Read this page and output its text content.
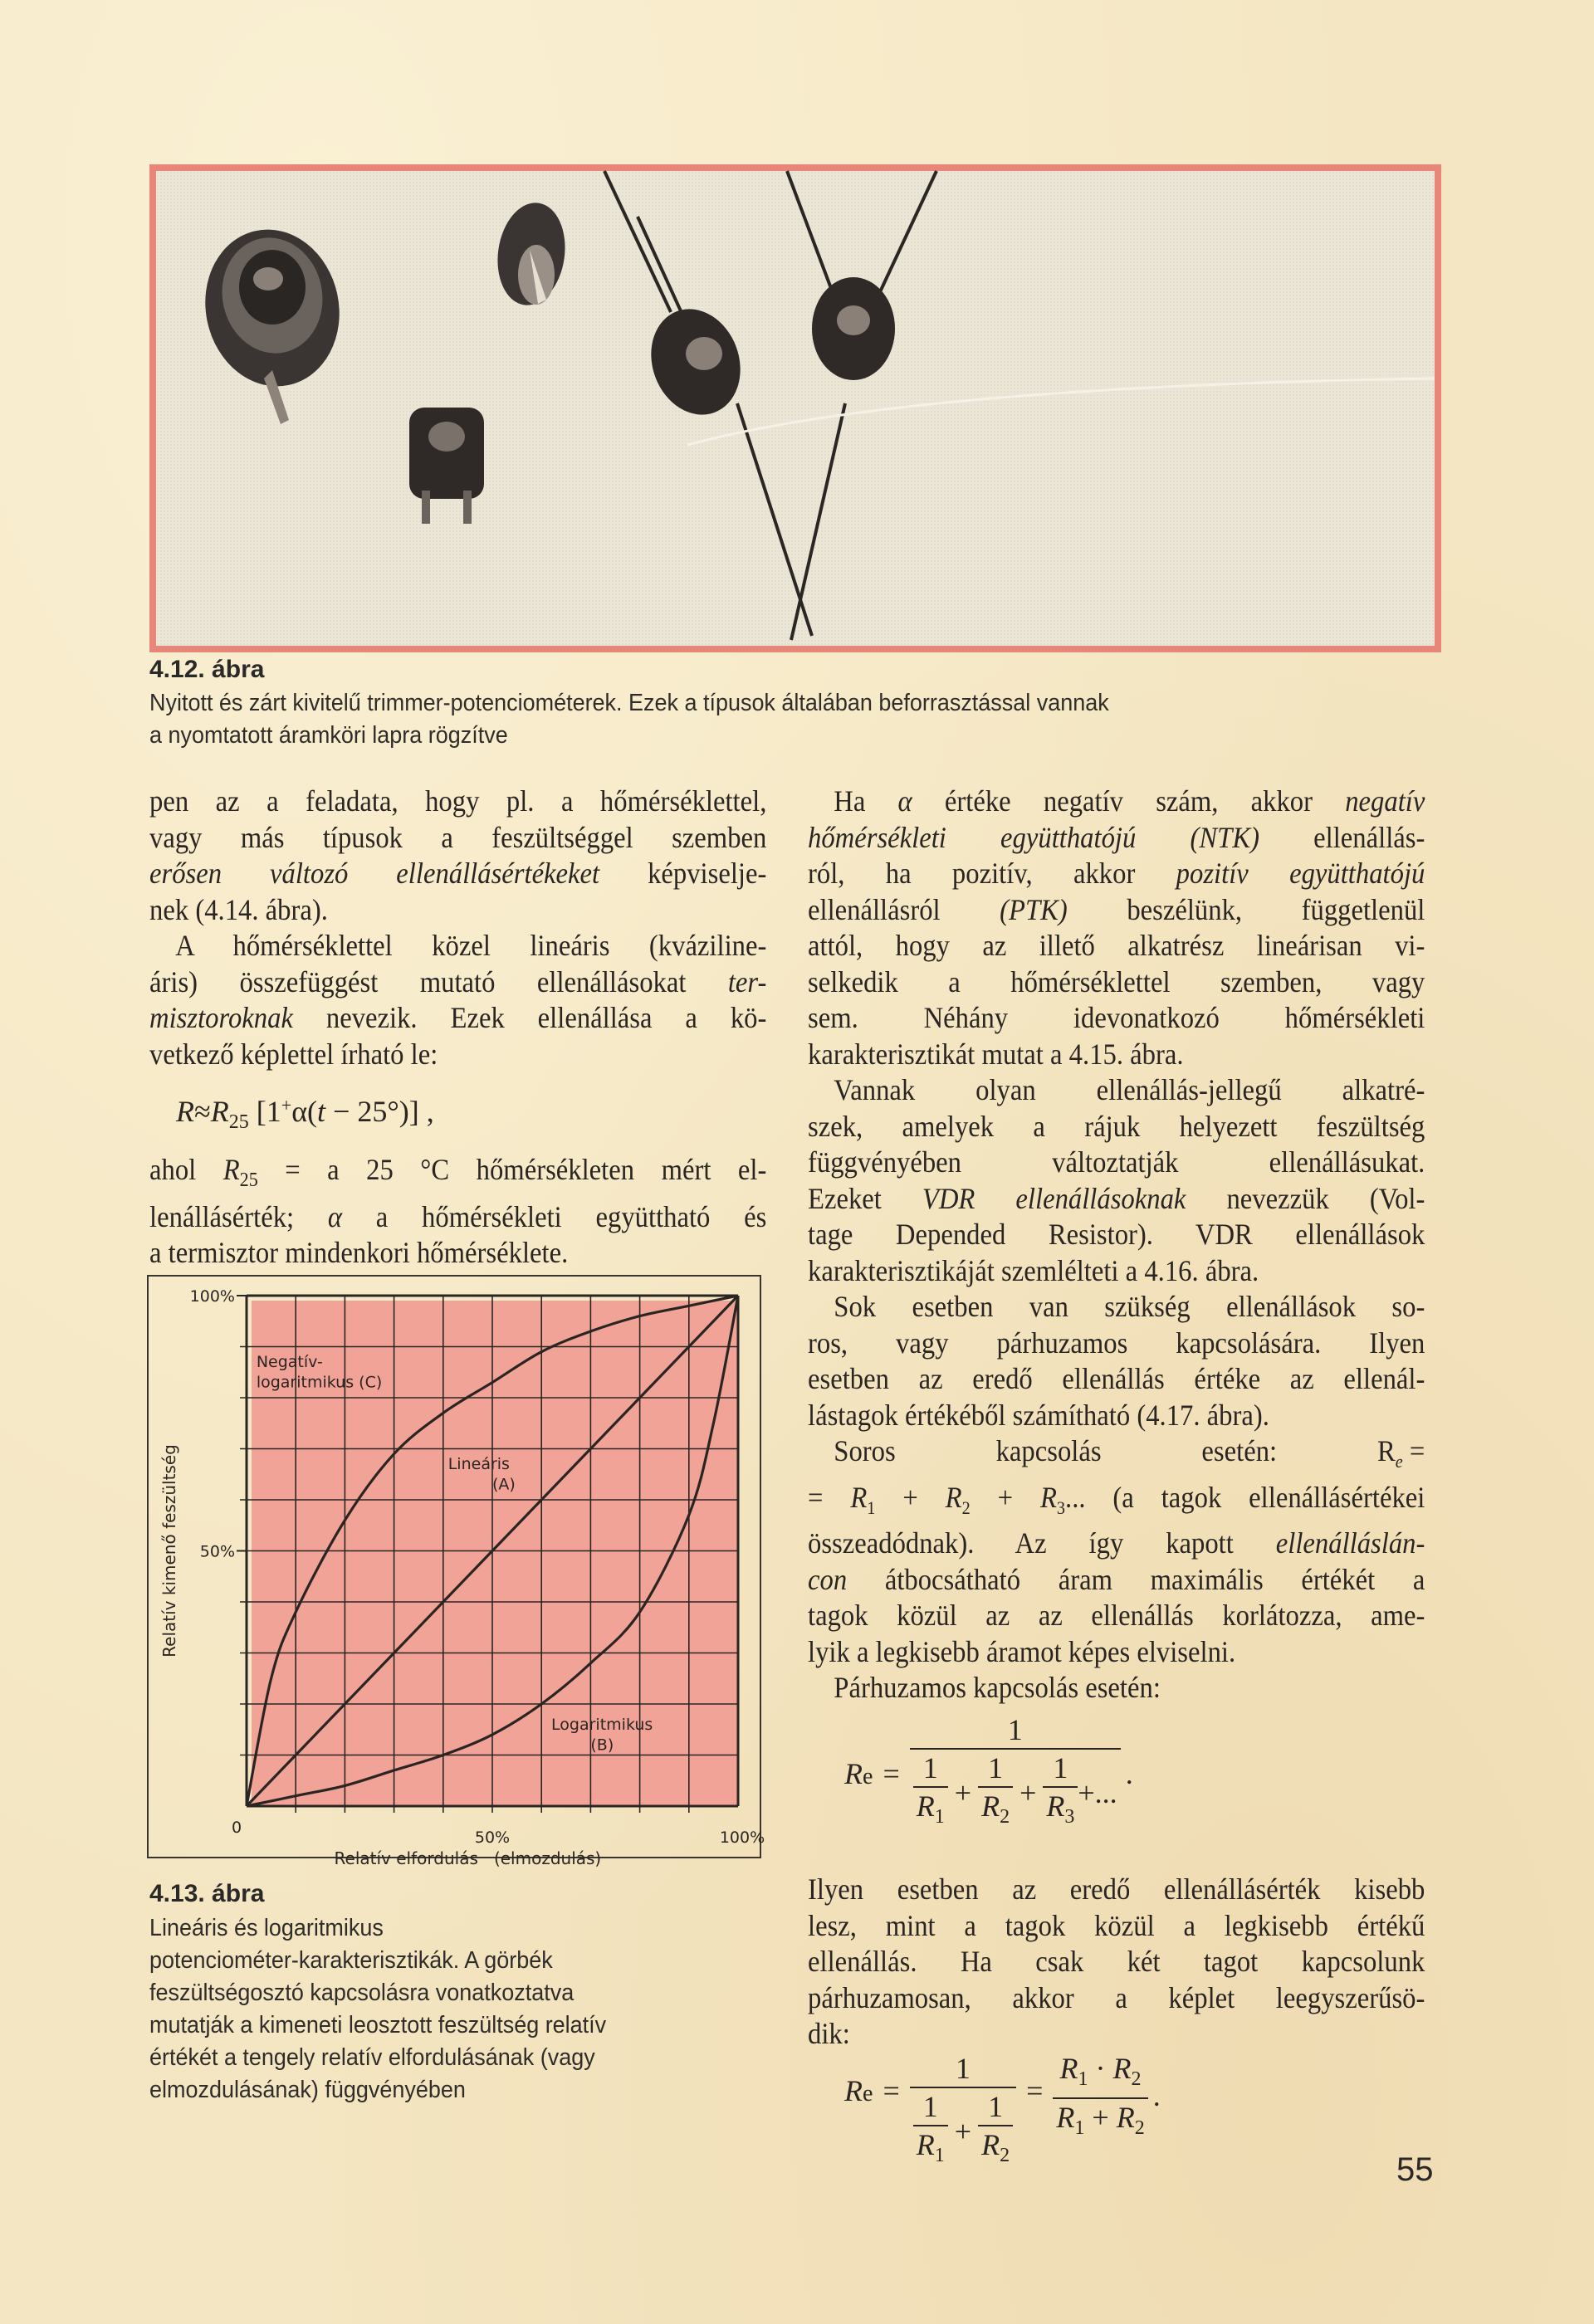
4.12. ábra
Nyitott és zárt kivitelű trimmer-potenciométerek. Ezek a típusok általában beforrasztással vannak
a nyomtatott áramköri lapra rögzítve
pen az a feladata, hogy pl. a hőmérséklettel,
vagy más típusok a feszültséggel szemben
erősen változó ellenállásértékeket képviselje-
nek (4.14. ábra).
A hőmérséklettel közel lineáris (kváziline-
áris) összefüggést mutató ellenállásokat ter-
misztoroknak nevezik. Ezek ellenállása a kö-
vetkező képlettel írható le:
$R\approx R_{25}$ [1+α(t − 25°)] ,
ahol $R_{25} = a$ 25 °C hőmérsékleten mért el-
lenállásérték; α a hőmérsékleti együttható és
a termisztor mindenkori hőmérséklete.
100%
50%
0
50%	100%
Relatív elfordulás   (elmozdulás)
Relatív kimenő feszültség
Negatív-
logaritmikus (C)
Lineáris
(A)
Logaritmikus
(B)
4.13. ábra
Lineáris és logaritmikus
potenciométer-karakterisztikák. A görbék
feszültségosztó kapcsolásra vonatkoztatva
mutatják a kimeneti leosztott feszültség relatív
értékét a tengely relatív elfordulásának (vagy
elmozdulásának) függvényében
Ha α értéke negatív szám, akkor negatív
hőmérsékleti együtthatójú (NTK) ellenállás-
ról, ha pozitív, akkor pozitív együtthatójú
ellenállásról (PTK) beszélünk, függetlenül
attól, hogy az illető alkatrész lineárisan vi-
selkedik a hőmérséklettel szemben, vagy
sem. Néhány idevonatkozó hőmérsékleti
karakterisztikát mutat a 4.15. ábra.
Vannak olyan ellenállás-jellegű alkatré-
szek, amelyek a rájuk helyezett feszültség
függvényében változtatják ellenállásukat.
Ezeket VDR ellenállásoknak nevezzük (Vol-
tage Depended Resistor). VDR ellenállások
karakterisztikáját szemlélteti a 4.16. ábra.
Sok esetben van szükség ellenállások so-
ros, vagy párhuzamos kapcsolására. Ilyen
esetben az eredő ellenállás értéke az ellenál-
lástagok értékéből számítható (4.17. ábra).
Soros	kapcsolás	esetén:	$R_e$ =
= $R_1 + R_2 + R_3$... (a tagok ellenállásértékei
összeadódnak). Az így kapott ellenálláslán-
con átbocsátható áram maximális értékét a
tagok közül az az ellenállás korlátozza, ame-
lyik a legkisebb áramot képes elviselni.
Párhuzamos kapcsolás esetén:
$Re = \frac{1}{\frac{1}{R_1} + \frac{1}{R_2} + \frac{1}{R_3} +...}$ .
Ilyen esetben az eredő ellenállásérték kisebb
lesz, mint a tagok közül a legkisebb értékű
ellenállás. Ha csak két tagot kapcsolunk
párhuzamosan, akkor a képlet leegyszerűsö-
dik:
$Re = \frac{1}{\frac{1}{R_1} + \frac{1}{R_2}} = \frac{R_1 \cdot R_2}{R_1 + R_2}$ .
55
